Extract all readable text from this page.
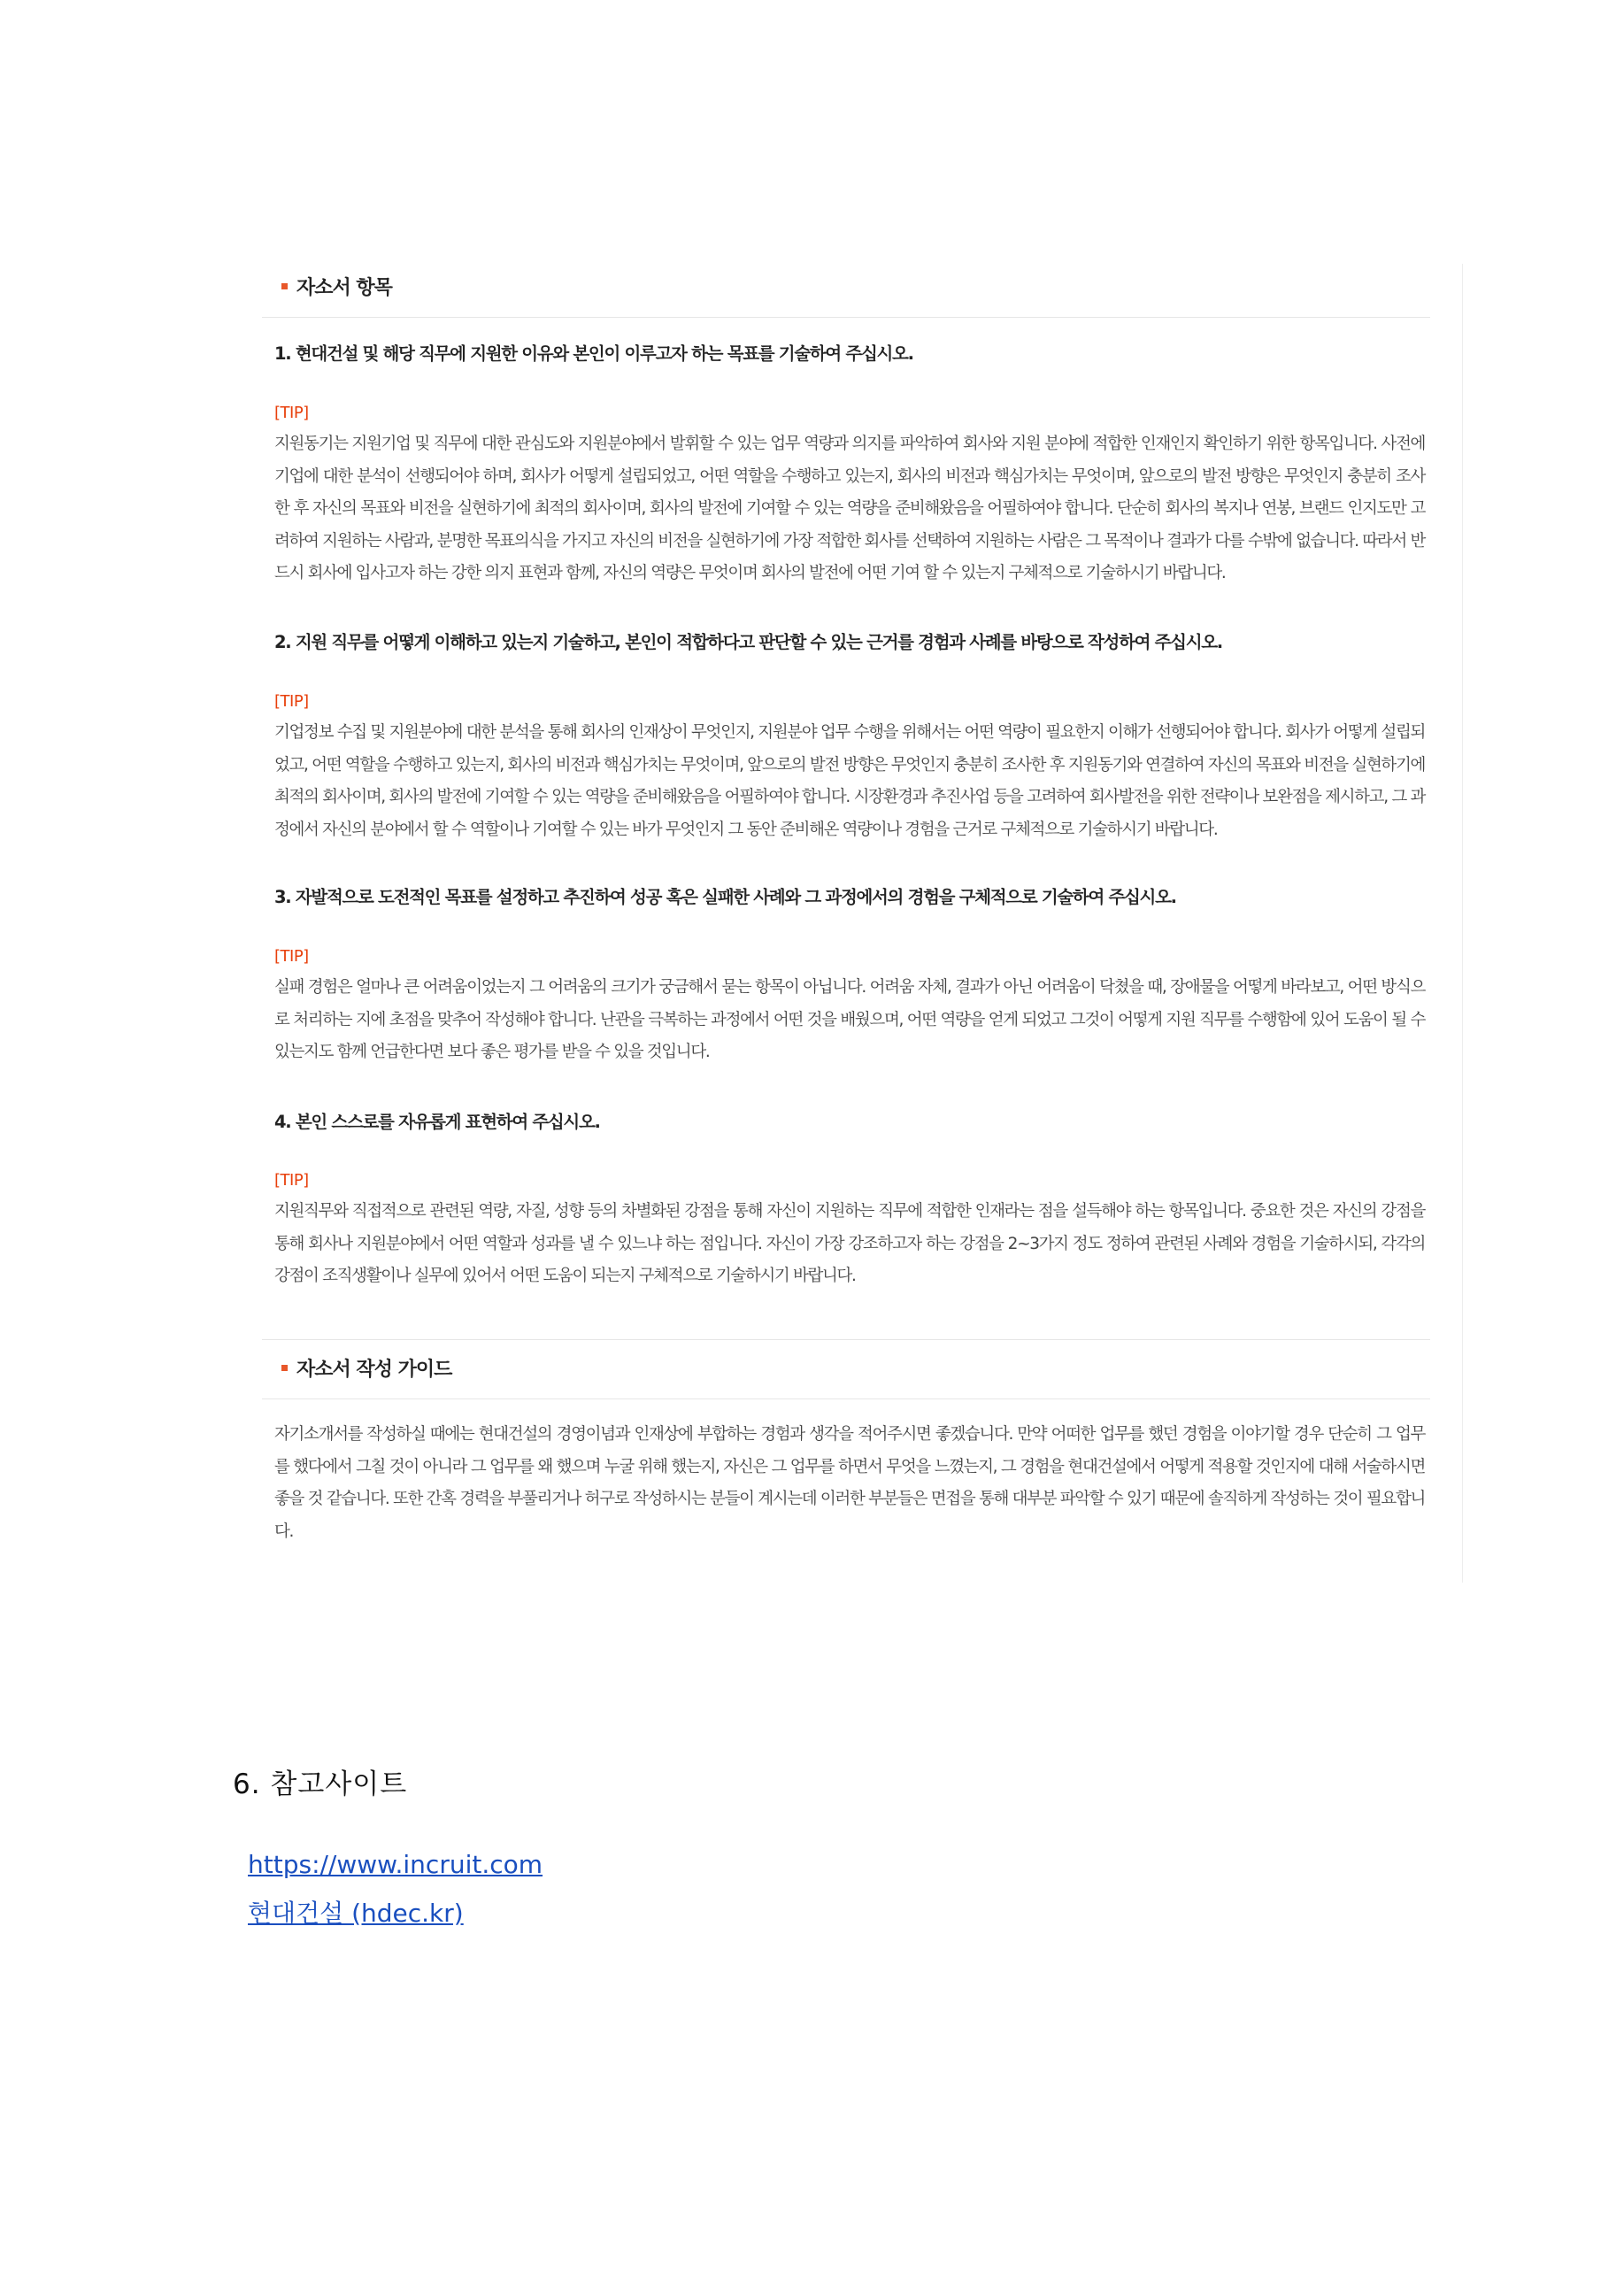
자소서 항목
1. 현대건설 및 해당 직무에 지원한 이유와 본인이 이루고자 하는 목표를 기술하여 주십시오.
[TIP]
지원동기는 지원기업 및 직무에 대한 관심도와 지원분야에서 발휘할 수 있는 업무 역량과 의지를 파악하여 회사와 지원 분야에 적합한 인재인지 확인하기 위한 항목입니다. 사전에 기업에 대한 분석이 선행되어야 하며, 회사가 어떻게 설립되었고, 어떤 역할을 수행하고 있는지, 회사의 비전과 핵심가치는 무엇이며, 앞으로의 발전 방향은 무엇인지 충분히 조사한 후 자신의 목표와 비전을 실현하기에 최적의 회사이며, 회사의 발전에 기여할 수 있는 역량을 준비해왔음을 어필하여야 합니다. 단순히 회사의 복지나 연봉, 브랜드 인지도만 고려하여 지원하는 사람과, 분명한 목표의식을 가지고 자신의 비전을 실현하기에 가장 적합한 회사를 선택하여 지원하는 사람은 그 목적이나 결과가 다를 수밖에 없습니다. 따라서 반드시 회사에 입사고자 하는 강한 의지 표현과 함께, 자신의 역량은 무엇이며 회사의 발전에 어떤 기여 할 수 있는지 구체적으로 기술하시기 바랍니다.
2. 지원 직무를 어떻게 이해하고 있는지 기술하고, 본인이 적합하다고 판단할 수 있는 근거를 경험과 사례를 바탕으로 작성하여 주십시오.
[TIP]
기업정보 수집 및 지원분야에 대한 분석을 통해 회사의 인재상이 무엇인지, 지원분야 업무 수행을 위해서는 어떤 역량이 필요한지 이해가 선행되어야 합니다. 회사가 어떻게 설립되었고, 어떤 역할을 수행하고 있는지, 회사의 비전과 핵심가치는 무엇이며, 앞으로의 발전 방향은 무엇인지 충분히 조사한 후 지원동기와 연결하여 자신의 목표와 비전을 실현하기에 최적의 회사이며, 회사의 발전에 기여할 수 있는 역량을 준비해왔음을 어필하여야 합니다. 시장환경과 추진사업 등을 고려하여 회사발전을 위한 전략이나 보완점을 제시하고, 그 과정에서 자신의 분야에서 할 수 역할이나 기여할 수 있는 바가 무엇인지 그 동안 준비해온 역량이나 경험을 근거로 구체적으로 기술하시기 바랍니다.
3. 자발적으로 도전적인 목표를 설정하고 추진하여 성공 혹은 실패한 사례와 그 과정에서의 경험을 구체적으로 기술하여 주십시오.
[TIP]
실패 경험은 얼마나 큰 어려움이었는지 그 어려움의 크기가 궁금해서 묻는 항목이 아닙니다. 어려움 자체, 결과가 아닌 어려움이 닥쳤을 때, 장애물을 어떻게 바라보고, 어떤 방식으로 처리하는 지에 초점을 맞추어 작성해야 합니다. 난관을 극복하는 과정에서 어떤 것을 배웠으며, 어떤 역량을 얻게 되었고 그것이 어떻게 지원 직무를 수행함에 있어 도움이 될 수 있는지도 함께 언급한다면 보다 좋은 평가를 받을 수 있을 것입니다.
4. 본인 스스로를 자유롭게 표현하여 주십시오.
[TIP]
지원직무와 직접적으로 관련된 역량, 자질, 성향 등의 차별화된 강점을 통해 자신이 지원하는 직무에 적합한 인재라는 점을 설득해야 하는 항목입니다. 중요한 것은 자신의 강점을 통해 회사나 지원분야에서 어떤 역할과 성과를 낼 수 있느냐 하는 점입니다. 자신이 가장 강조하고자 하는 강점을 2~3가지 정도 정하여 관련된 사례와 경험을 기술하시되, 각각의 강점이 조직생활이나 실무에 있어서 어떤 도움이 되는지 구체적으로 기술하시기 바랍니다.
자소서 작성 가이드
자기소개서를 작성하실 때에는 현대건설의 경영이념과 인재상에 부합하는 경험과 생각을 적어주시면 좋겠습니다. 만약 어떠한 업무를 했던 경험을 이야기할 경우 단순히 그 업무를 했다에서 그칠 것이 아니라 그 업무를 왜 했으며 누굴 위해 했는지, 자신은 그 업무를 하면서 무엇을 느꼈는지, 그 경험을 현대건설에서 어떻게 적용할 것인지에 대해 서술하시면 좋을 것 같습니다. 또한 간혹 경력을 부풀리거나 허구로 작성하시는 분들이 계시는데 이러한 부분들은 면접을 통해 대부분 파악할 수 있기 때문에 솔직하게 작성하는 것이 필요합니다.
6. 참고사이트
https://www.incruit.com
현대건설 (hdec.kr)
